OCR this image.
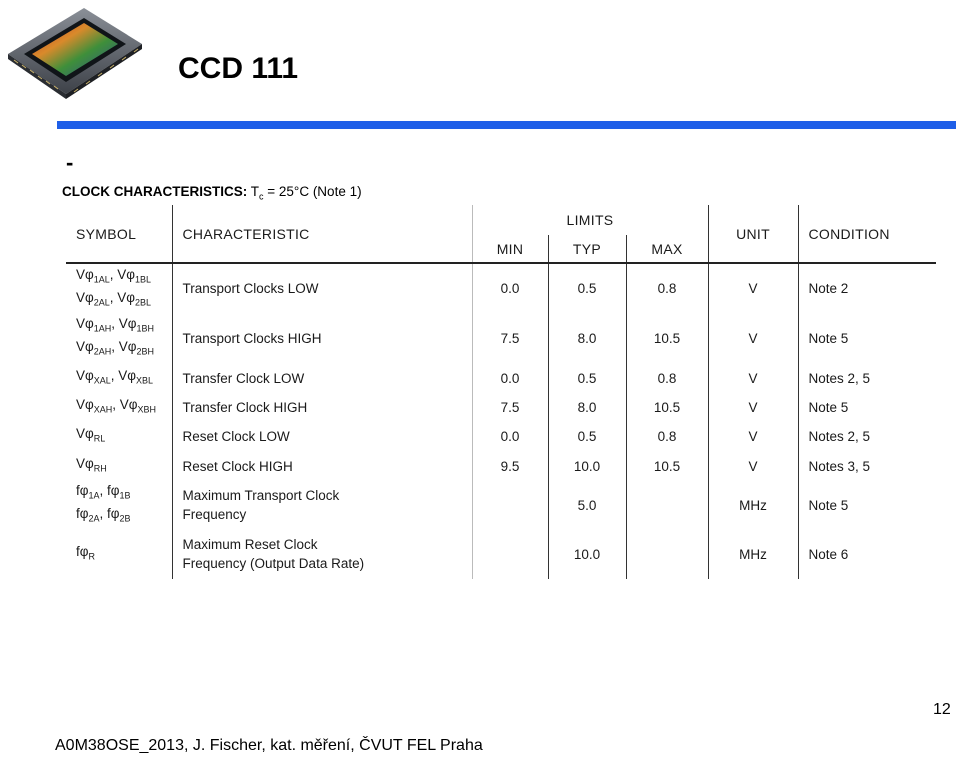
CCD 111
-
CLOCK CHARACTERISTICS: $T_c = 25^\circ C$ (Note 1)
SYMBOL	CHARACTERISTIC	LIMITS			UNIT	CONDITION
		MIN	TYP	MAX		

$V\varphi_{1AL}$, $V\varphi_{1BL}$
$V\varphi_{2AL}$, $V\varphi_{2BL}$	Transport Clocks LOW	0.0	0.5	0.8	V	Note 2

$V\varphi_{1AH}$, $V\varphi_{1BH}$
$V\varphi_{2AH}$, $V\varphi_{2BH}$	Transport Clocks HIGH	7.5	8.0	10.5	V	Note 5

$V\varphi_{XAL}$, $V\varphi_{XBL}$	Transfer Clock LOW	0.0	0.5	0.8	V	Notes 2, 5

$V\varphi_{XAH}$, $V\varphi_{XBH}$	Transfer Clock HIGH	7.5	8.0	10.5	V	Note 5

$V\varphi_{RL}$	Reset Clock LOW	0.0	0.5	0.8	V	Notes 2, 5

$V\varphi_{RH}$	Reset Clock HIGH	9.5	10.0	10.5	V	Notes 3, 5

$f\varphi_{1A}$, $f\varphi_{1B}$
$f\varphi_{2A}$, $f\varphi_{2B}$	Maximum Transport Clock
Frequency		5.0		MHz	Note 5

$f\varphi_R$	Maximum Reset Clock
Frequency (Output Data Rate)		10.0		MHz	Note 6
12
A0M38OSE_2013, J. Fischer, kat. měření, ČVUT FEL Praha
